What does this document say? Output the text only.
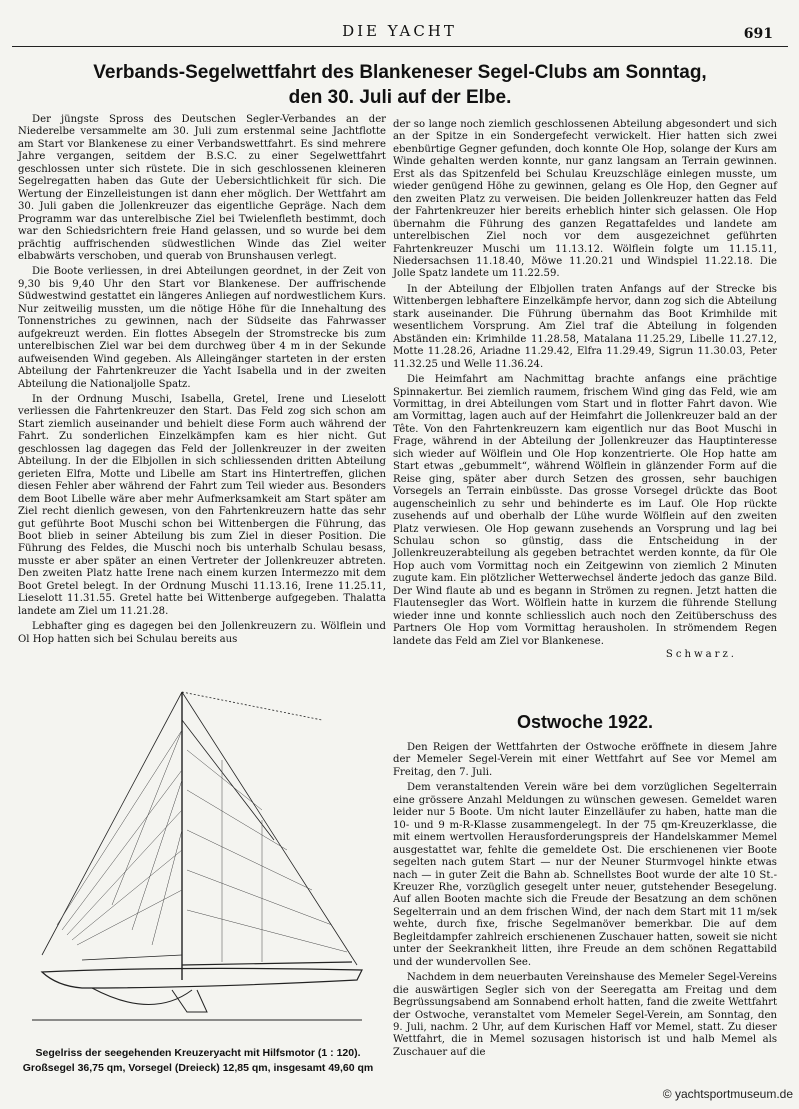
DIE YACHT	691
Verbands-Segelwettfahrt des Blankeneser Segel-Clubs am Sonntag,
den 30. Juli auf der Elbe.

Der jüngste Spross des Deutschen Segler-Verbandes an der Niederelbe versammelte am 30. Juli zum erstenmal seine Jachtflotte am Start vor Blankenese zu einer Verbandswettfahrt. Es sind mehrere Jahre vergangen, seitdem der B.S.C. zu einer Segelwettfahrt geschlossen unter sich rüstete. Die in sich geschlossenen kleineren Segelregatten haben das Gute der Uebersichtlichkeit für sich. Die Wertung der Einzelleistungen ist dann eher möglich. Der Wettfahrt am 30. Juli gaben die Jollenkreuzer das eigentliche Gepräge. Nach dem Programm war das unterelbische Ziel bei Twielenfleth bestimmt, doch war den Schiedsrichtern freie Hand gelassen, und so wurde bei dem prächtig auffrischenden südwestlichen Winde das Ziel weiter elbabwärts verschoben, und querab von Brunshausen verlegt.

Die Boote verliessen, in drei Abteilungen geordnet, in der Zeit von 9,30 bis 9,40 Uhr den Start vor Blankenese. Der auffrischende Südwestwind gestattet ein längeres Anliegen auf nordwestlichem Kurs. Nur zeitweilig mussten, um die nötige Höhe für die Innehaltung des Tonnenstriches zu gewinnen, nach der Südseite das Fahrwasser aufgekreuzt werden. Ein flottes Absegeln der Stromstrecke bis zum unterelbischen Ziel war bei dem durchweg über 4 m in der Sekunde aufweisenden Wind gegeben. Als Alleingänger starteten in der ersten Abteilung der Fahrtenkreuzer die Yacht Isabella und in der zweiten Abteilung die Nationaljolle Spatz.

In der Ordnung Muschi, Isabella, Gretel, Irene und Lieselott verliessen die Fahrtenkreuzer den Start. Das Feld zog sich schon am Start ziemlich auseinander und behielt diese Form auch während der Fahrt. Zu sonderlichen Einzelkämpfen kam es hier nicht. Gut geschlossen lag dagegen das Feld der Jollenkreuzer in der zweiten Abteilung. In der die Elbjollen in sich schliessenden dritten Abteilung gerieten Elfra, Motte und Libelle am Start ins Hintertreffen, glichen diesen Fehler aber während der Fahrt zum Teil wieder aus. Besonders dem Boot Libelle wäre aber mehr Aufmerksamkeit am Start später am Ziel recht dienlich gewesen, von den Fahrtenkreuzern hatte das sehr gut geführte Boot Muschi schon bei Wittenbergen die Führung, das Boot blieb in seiner Abteilung bis zum Ziel in dieser Position. Die Führung des Feldes, die Muschi noch bis unterhalb Schulau besass, musste er aber später an einen Vertreter der Jollenkreuzer abtreten. Den zweiten Platz hatte Irene nach einem kurzen Intermezzo mit dem Boot Gretel belegt. In der Ordnung Muschi 11.13.16, Irene 11.25.11, Lieselott 11.31.55. Gretel hatte bei Wittenberge aufgegeben. Thalatta landete am Ziel um 11.21.28.

Lebhafter ging es dagegen bei den Jollenkreuzern zu. Wölflein und Ol Hop hatten sich bei Schulau bereits aus

der so lange noch ziemlich geschlossenen Abteilung abgesondert und sich an der Spitze in ein Sondergefecht verwickelt. Hier hatten sich zwei ebenbürtige Gegner gefunden, doch konnte Ole Hop, solange der Kurs am Winde gehalten werden konnte, nur ganz langsam an Terrain gewinnen. Erst als das Spitzenfeld bei Schulau Kreuzschläge einlegen musste, um wieder genügend Höhe zu gewinnen, gelang es Ole Hop, den Gegner auf den zweiten Platz zu verweisen. Die beiden Jollenkreuzer hatten das Feld der Fahrtenkreuzer hier bereits erheblich hinter sich gelassen. Ole Hop übernahm die Führung des ganzen Regattafeldes und landete am unterelbischen Ziel noch vor dem ausgezeichnet geführten Fahrtenkreuzer Muschi um 11.13.12. Wölflein folgte um 11.15.11, Niedersachsen 11.18.40, Möwe 11.20.21 und Windspiel 11.22.18. Die Jolle Spatz landete um 11.22.59.

In der Abteilung der Elbjollen traten Anfangs auf der Strecke bis Wittenbergen lebhaftere Einzelkämpfe hervor, dann zog sich die Abteilung stark auseinander. Die Führung übernahm das Boot Krimhilde mit wesentlichem Vorsprung. Am Ziel traf die Abteilung in folgenden Abständen ein: Krimhilde 11.28.58, Matalana 11.25.29, Libelle 11.27.12, Motte 11.28.26, Ariadne 11.29.42, Elfra 11.29.49, Sigrun 11.30.03, Peter 11.32.25 und Welle 11.36.24.

Die Heimfahrt am Nachmittag brachte anfangs eine prächtige Spinnakertur. Bei ziemlich raumem, frischem Wind ging das Feld, wie am Vormittag, in drei Abteilungen vom Start und in flotter Fahrt davon. Wie am Vormittag, lagen auch auf der Heimfahrt die Jollenkreuzer bald an der Tête. Von den Fahrtenkreuzern kam eigentlich nur das Boot Muschi in Frage, während in der Abteilung der Jollenkreuzer das Hauptinteresse sich wieder auf Wölflein und Ole Hop konzentrierte. Ole Hop hatte am Start etwas „gebummelt“, während Wölflein in glänzender Form auf die Reise ging, später aber durch Setzen des grossen, sehr bauchigen Vorsegels an Terrain einbüsste. Das grosse Vorsegel drückte das Boot augenscheinlich zu sehr und behinderte es im Lauf. Ole Hop rückte zusehends auf und oberhalb der Lühe wurde Wölflein auf den zweiten Platz verwiesen. Ole Hop gewann zusehends an Vorsprung und lag bei Schulau schon so günstig, dass die Entscheidung in der Jollenkreuzerabteilung als gegeben betrachtet werden konnte, da für Ole Hop auch vom Vormittag noch ein Zeitgewinn von ziemlich 2 Minuten zugute kam. Ein plötzlicher Wetterwechsel änderte jedoch das ganze Bild. Der Wind flaute ab und es begann in Strömen zu regnen. Jetzt hatten die Flautensegler das Wort. Wölflein hatte in kurzem die führende Stellung wieder inne und konnte schliesslich auch noch den Zeitüberschuss des Partners Ole Hop vom Vormittag herausholen. In strömendem Regen landete das Feld am Ziel vor Blankenese.

Schwarz.
Ostwoche 1922.

Den Reigen der Wettfahrten der Ostwoche eröffnete in diesem Jahre der Memeler Segel-Verein mit einer Wettfahrt auf See vor Memel am Freitag, den 7. Juli.

Dem veranstaltenden Verein wäre bei dem vorzüglichen Segelterrain eine grössere Anzahl Meldungen zu wünschen gewesen. Gemeldet waren leider nur 5 Boote. Um nicht lauter Einzelläufer zu haben, hatte man die 10- und 9 m-R-Klasse zusammengelegt. In der 75 qm-Kreuzerklasse, die mit einem wertvollen Herausforderungspreis der Handelskammer Memel ausgestattet war, fehlte die gemeldete Ost. Die erschienenen vier Boote segelten nach gutem Start — nur der Neuner Sturmvogel hinkte etwas nach — in guter Zeit die Bahn ab. Schnellstes Boot wurde der alte 10 St.-Kreuzer Rhe, vorzüglich gesegelt unter neuer, gutstehender Besegelung. Auf allen Booten machte sich die Freude der Besatzung an dem schönen Segelterrain und an dem frischen Wind, der nach dem Start mit 11 m/sek wehte, durch fixe, frische Segelmanöver bemerkbar. Die auf dem Begleitdampfer zahlreich erschienenen Zuschauer hatten, soweit sie nicht unter der Seekrankheit litten, ihre Freude an dem schönen Regattabild und der wundervollen See.

Nachdem in dem neuerbauten Vereinshause des Memeler Segel-Vereins die auswärtigen Segler sich von der Seeregatta am Freitag und dem Begrüssungsabend am Sonnabend erholt hatten, fand die zweite Wettfahrt der Ostwoche, veranstaltet vom Memeler Segel-Verein, am Sonntag, den 9. Juli, nachm. 2 Uhr, auf dem Kurischen Haff vor Memel, statt. Zu dieser Wettfahrt, die in Memel sozusagen historisch ist und halb Memel als Zuschauer auf die

Segelriss der seegehenden Kreuzeryacht mit Hilfsmotor (1 : 120).
Großsegel 36,75 qm, Vorsegel (Dreieck) 12,85 qm, insgesamt 49,60 qm
© yachtsportmuseum.de
